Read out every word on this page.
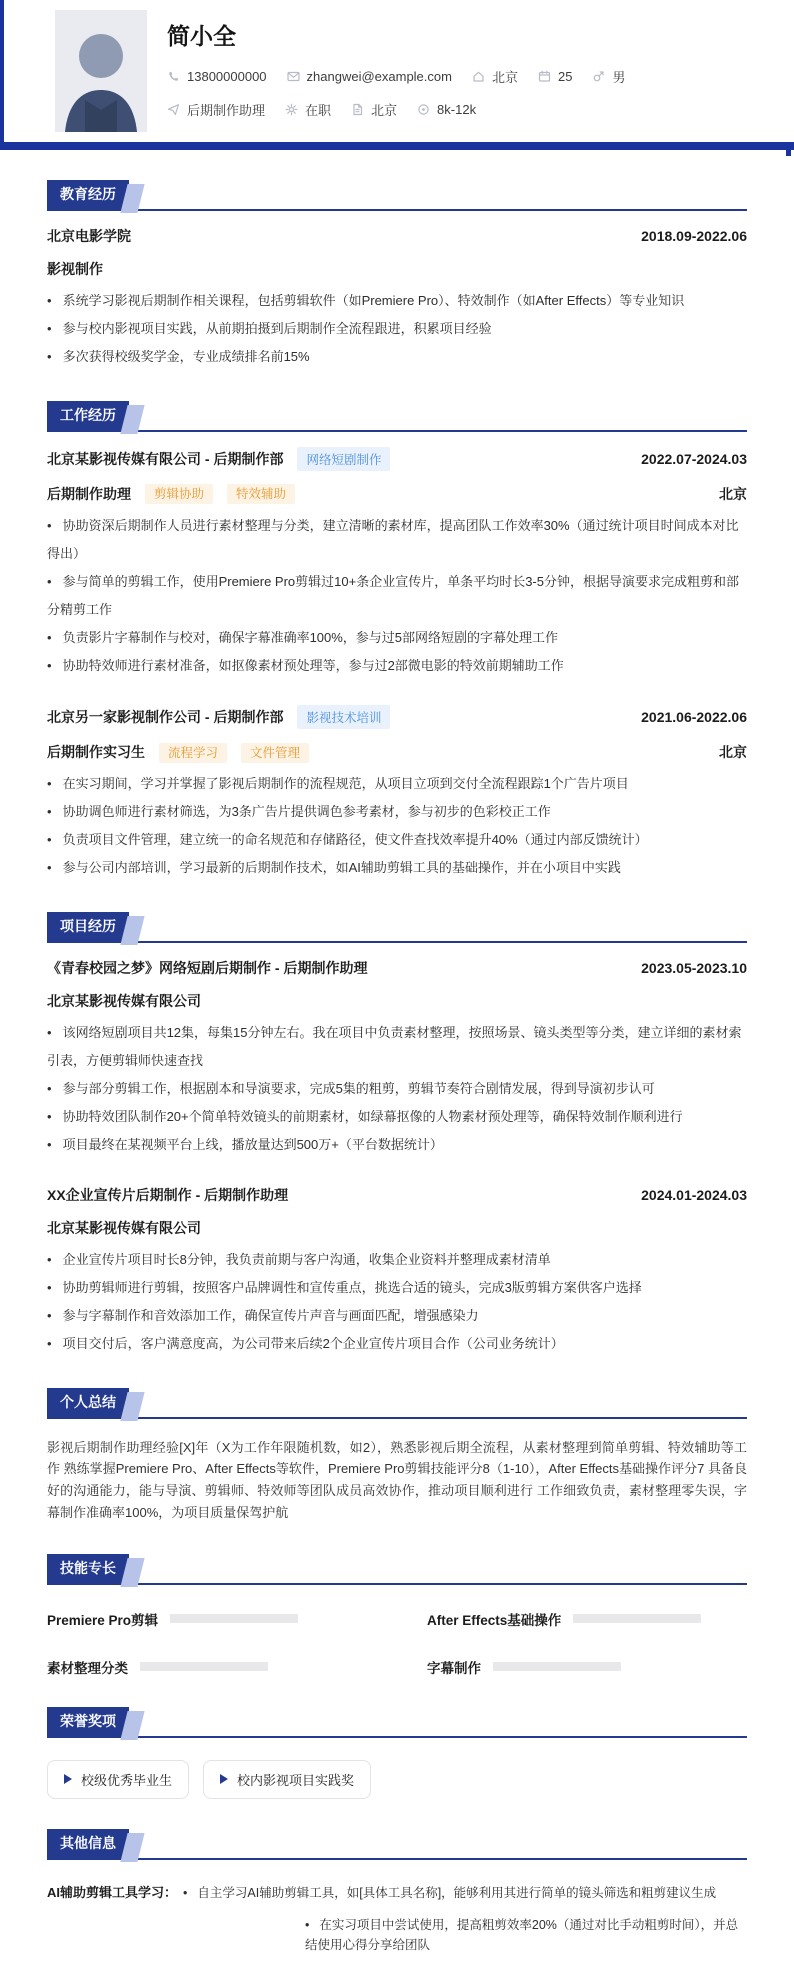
简小全
13800000000	zhangwei@example.com	北京	25	男
后期制作助理	在职	北京	8k-12k
教育经历
北京电影学院	2018.09-2022.06
影视制作

• 系统学习影视后期制作相关课程，包括剪辑软件（如Premiere Pro）、特效制作（如After Effects）等专业知识

• 参与校内影视项目实践，从前期拍摄到后期制作全流程跟进，积累项目经验

• 多次获得校级奖学金，专业成绩排名前15%

工作经历
北京某影视传媒有限公司 - 后期制作部	网络短剧制作	2022.07-2024.03
后期制作助理	剪辑协助	特效辅助	北京

• 协助资深后期制作人员进行素材整理与分类，建立清晰的素材库，提高团队工作效率30%（通过统计项目时间成本对比得出）

• 参与简单的剪辑工作，使用Premiere Pro剪辑过10+条企业宣传片，单条平均时长3-5分钟，根据导演要求完成粗剪和部分精剪工作

• 负责影片字幕制作与校对，确保字幕准确率100%，参与过5部网络短剧的字幕处理工作

• 协助特效师进行素材准备，如抠像素材预处理等，参与过2部微电影的特效前期辅助工作

北京另一家影视制作公司 - 后期制作部	影视技术培训	2021.06-2022.06
后期制作实习生	流程学习	文件管理	北京

• 在实习期间，学习并掌握了影视后期制作的流程规范，从项目立项到交付全流程跟踪1个广告片项目

• 协助调色师进行素材筛选，为3条广告片提供调色参考素材，参与初步的色彩校正工作

• 负责项目文件管理，建立统一的命名规范和存储路径，使文件查找效率提升40%（通过内部反馈统计）

• 参与公司内部培训，学习最新的后期制作技术，如AI辅助剪辑工具的基础操作，并在小项目中实践

项目经历
《青春校园之梦》网络短剧后期制作 - 后期制作助理	2023.05-2023.10
北京某影视传媒有限公司

• 该网络短剧项目共12集，每集15分钟左右。我在项目中负责素材整理，按照场景、镜头类型等分类，建立详细的素材索引表，方便剪辑师快速查找

• 参与部分剪辑工作，根据剧本和导演要求，完成5集的粗剪，剪辑节奏符合剧情发展，得到导演初步认可

• 协助特效团队制作20+个简单特效镜头的前期素材，如绿幕抠像的人物素材预处理等，确保特效制作顺利进行

• 项目最终在某视频平台上线，播放量达到500万+（平台数据统计）

XX企业宣传片后期制作 - 后期制作助理	2024.01-2024.03
北京某影视传媒有限公司

• 企业宣传片项目时长8分钟，我负责前期与客户沟通，收集企业资料并整理成素材清单

• 协助剪辑师进行剪辑，按照客户品牌调性和宣传重点，挑选合适的镜头，完成3版剪辑方案供客户选择

• 参与字幕制作和音效添加工作，确保宣传片声音与画面匹配，增强感染力

• 项目交付后，客户满意度高，为公司带来后续2个企业宣传片项目合作（公司业务统计）

个人总结

影视后期制作助理经验[X]年（X为工作年限随机数，如2），熟悉影视后期全流程，从素材整理到简单剪辑、特效辅助等工作 熟练掌握Premiere Pro、After Effects等软件，Premiere Pro剪辑技能评分8（1-10），After Effects基础操作评分7 具备良好的沟通能力，能与导演、剪辑师、特效师等团队成员高效协作，推动项目顺利进行 工作细致负责，素材整理零失误，字幕制作准确率100%，为项目质量保驾护航

技能专长
Premiere Pro剪辑	After Effects基础操作
素材整理分类	字幕制作
荣誉奖项
校级优秀毕业生	校内影视项目实践奖
其他信息
AI辅助剪辑工具学习：	• 自主学习AI辅助剪辑工具，如[具体工具名称]，能够利用其进行简单的镜头筛选和粗剪建议生成

• 在实习项目中尝试使用，提高粗剪效率20%（通过对比手动粗剪时间），并总结使用心得分享给团队
